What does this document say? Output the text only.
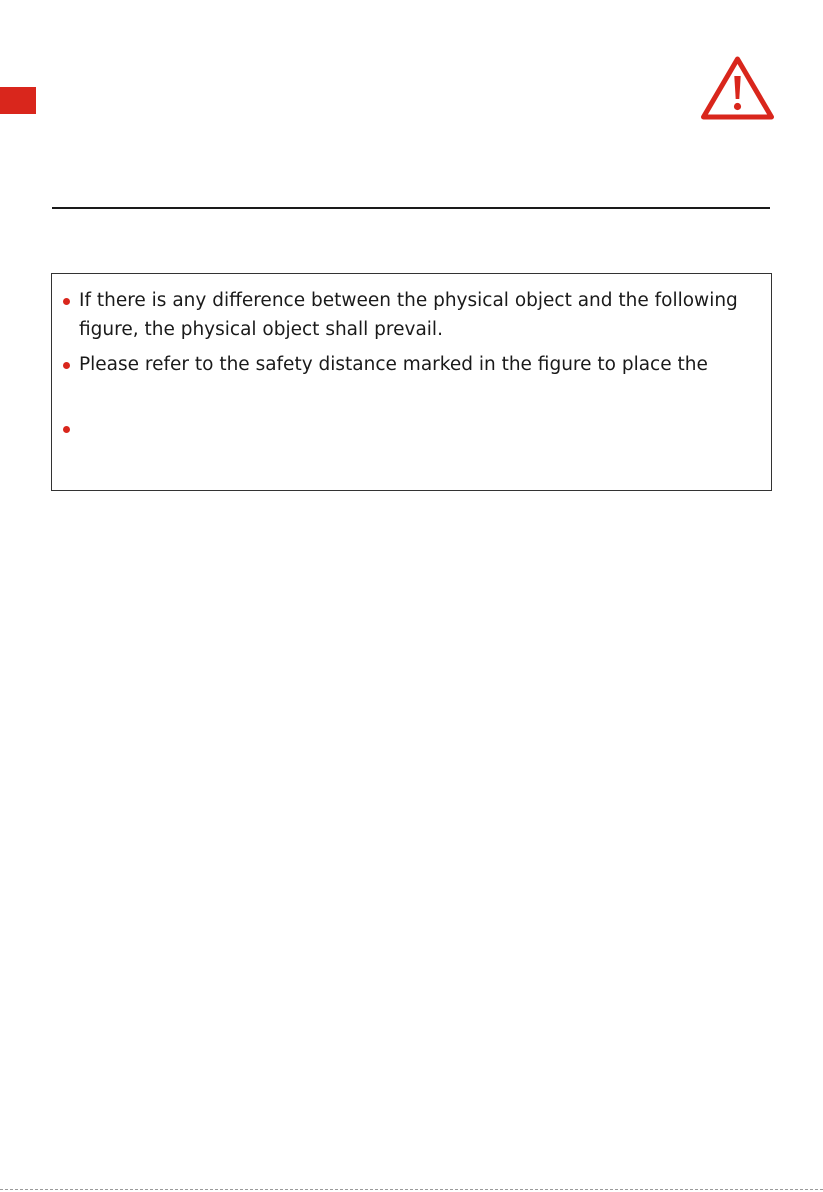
If there is any difference between the physical object and the following figure, the physical object shall prevail.
Please refer to the safety distance marked in the figure to place the
